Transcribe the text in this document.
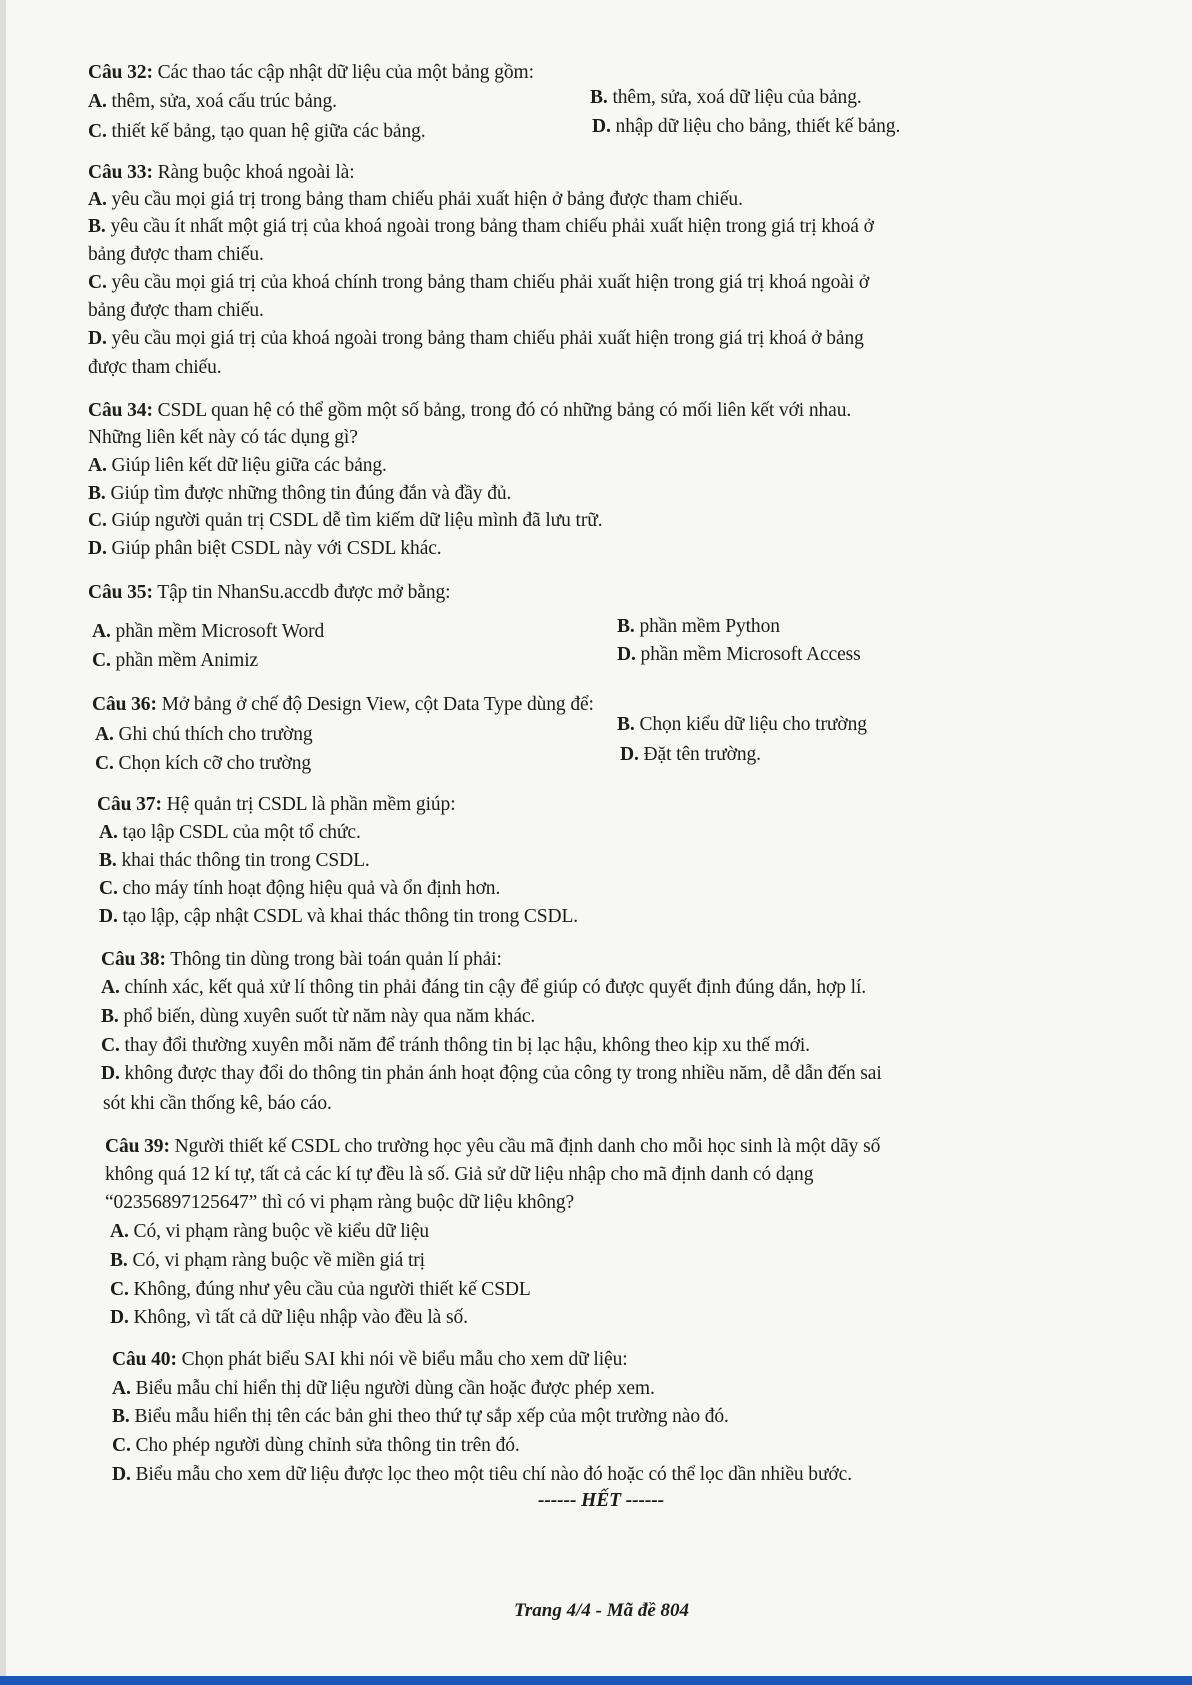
Câu 32: Các thao tác cập nhật dữ liệu của một bảng gồm:
A. thêm, sửa, xoá cấu trúc bảng.	B. thêm, sửa, xoá dữ liệu của bảng.
C. thiết kế bảng, tạo quan hệ giữa các bảng.	D. nhập dữ liệu cho bảng, thiết kế bảng.
Câu 33: Ràng buộc khoá ngoài là:
A. yêu cầu mọi giá trị trong bảng tham chiếu phải xuất hiện ở bảng được tham chiếu.
B. yêu cầu ít nhất một giá trị của khoá ngoài trong bảng tham chiếu phải xuất hiện trong giá trị khoá ở
bảng được tham chiếu.
C. yêu cầu mọi giá trị của khoá chính trong bảng tham chiếu phải xuất hiện trong giá trị khoá ngoài ở
bảng được tham chiếu.
D. yêu cầu mọi giá trị của khoá ngoài trong bảng tham chiếu phải xuất hiện trong giá trị khoá ở bảng
được tham chiếu.
Câu 34: CSDL quan hệ có thể gồm một số bảng, trong đó có những bảng có mối liên kết với nhau.
Những liên kết này có tác dụng gì?
A. Giúp liên kết dữ liệu giữa các bảng.
B. Giúp tìm được những thông tin đúng đắn và đầy đủ.
C. Giúp người quản trị CSDL dễ tìm kiếm dữ liệu mình đã lưu trữ.
D. Giúp phân biệt CSDL này với CSDL khác.
Câu 35: Tập tin NhanSu.accdb được mở bằng:
A. phần mềm Microsoft Word	B. phần mềm Python
C. phần mềm Animiz	D. phần mềm Microsoft Access
Câu 36: Mở bảng ở chế độ Design View, cột Data Type dùng để:
A. Ghi chú thích cho trường	B. Chọn kiểu dữ liệu cho trường
C. Chọn kích cỡ cho trường	D. Đặt tên trường.
Câu 37: Hệ quản trị CSDL là phần mềm giúp:
A. tạo lập CSDL của một tổ chức.
B. khai thác thông tin trong CSDL.
C. cho máy tính hoạt động hiệu quả và ổn định hơn.
D. tạo lập, cập nhật CSDL và khai thác thông tin trong CSDL.
Câu 38: Thông tin dùng trong bài toán quản lí phải:
A. chính xác, kết quả xử lí thông tin phải đáng tin cậy để giúp có được quyết định đúng dắn, hợp lí.
B. phổ biến, dùng xuyên suốt từ năm này qua năm khác.
C. thay đổi thường xuyên mỗi năm để tránh thông tin bị lạc hậu, không theo kịp xu thế mới.
D. không được thay đổi do thông tin phản ánh hoạt động của công ty trong nhiều năm, dễ dẫn đến sai
sót khi cần thống kê, báo cáo.
Câu 39: Người thiết kế CSDL cho trường học yêu cầu mã định danh cho mỗi học sinh là một dãy số
không quá 12 kí tự, tất cả các kí tự đều là số. Giả sử dữ liệu nhập cho mã định danh có dạng
“02356897125647” thì có vi phạm ràng buộc dữ liệu không?
A. Có, vi phạm ràng buộc về kiểu dữ liệu
B. Có, vi phạm ràng buộc về miền giá trị
C. Không, đúng như yêu cầu của người thiết kế CSDL
D. Không, vì tất cả dữ liệu nhập vào đều là số.
Câu 40: Chọn phát biểu SAI khi nói về biểu mẫu cho xem dữ liệu:
A. Biểu mẫu chỉ hiển thị dữ liệu người dùng cần hoặc được phép xem.
B. Biểu mẫu hiển thị tên các bản ghi theo thứ tự sắp xếp của một trường nào đó.
C. Cho phép người dùng chỉnh sửa thông tin trên đó.
D. Biểu mẫu cho xem dữ liệu được lọc theo một tiêu chí nào đó hoặc có thể lọc dần nhiều bước.
------ HẾT ------
Trang 4/4 - Mã đề 804
